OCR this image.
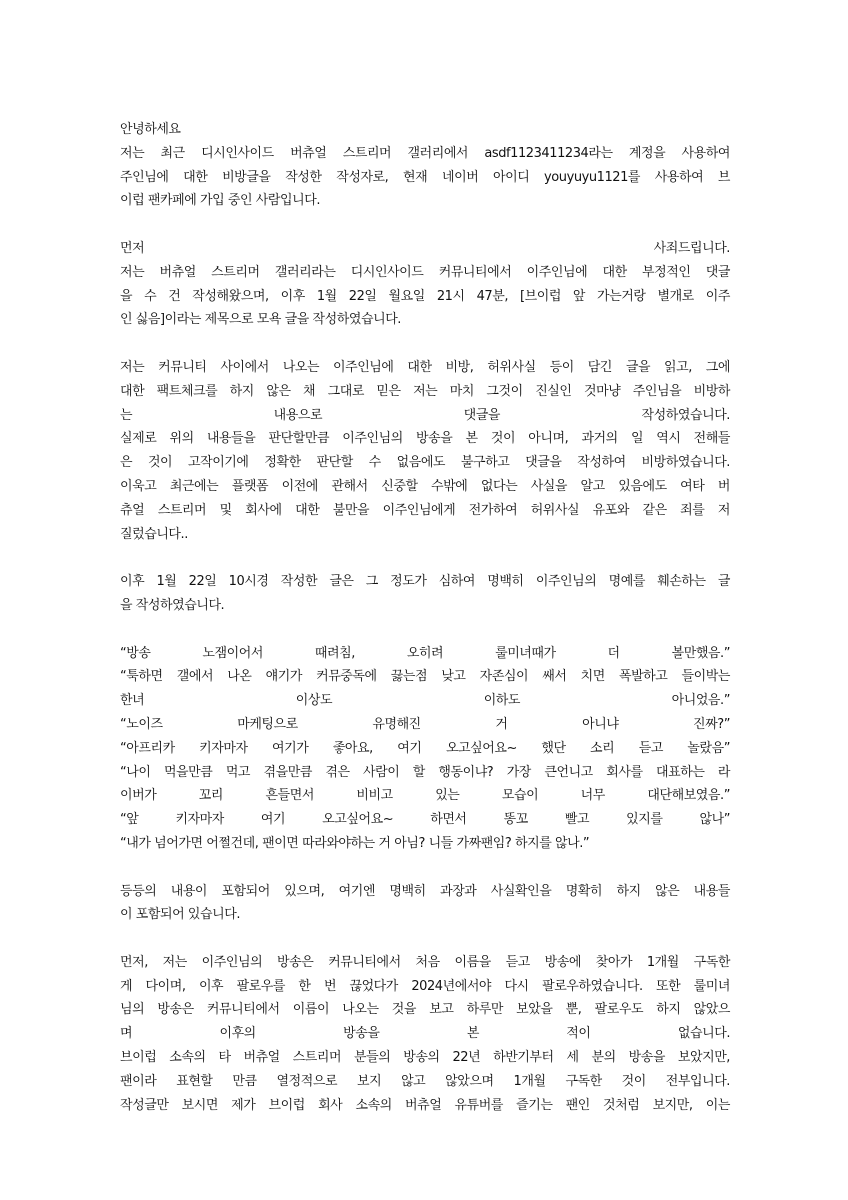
안녕하세요
저는 최근 디시인사이드 버츄얼 스트리머 갤러리에서 asdf1123411234라는 계정을 사용하여
주인님에 대한 비방글을 작성한 작성자로, 현재 네이버 아이디 youyuyu1121를 사용하여 브
이럽 팬카페에 가입 중인 사람입니다.
먼저 사죄드립니다.
저는 버츄얼 스트리머 갤러리라는 디시인사이드 커뮤니티에서 이주인님에 대한 부정적인 댓글
을 수 건 작성해왔으며, 이후 1월 22일 월요일 21시 47분, [브이럽 앞 가는거랑 별개로 이주
인 싫음]이라는 제목으로 모욕 글을 작성하였습니다.
저는 커뮤니티 사이에서 나오는 이주인님에 대한 비방, 허위사실 등이 담긴 글을 읽고, 그에
대한 팩트체크를 하지 않은 채 그대로 믿은 저는 마치 그것이 진실인 것마냥 주인님을 비방하
는 내용으로 댓글을 작성하였습니다.
실제로 위의 내용들을 판단할만큼 이주인님의 방송을 본 것이 아니며, 과거의 일 역시 전해들
은 것이 고작이기에 정확한 판단할 수 없음에도 불구하고 댓글을 작성하여 비방하였습니다.
이욱고 최근에는 플랫폼 이전에 관해서 신중할 수밖에 없다는 사실을 알고 있음에도 여타 버
츄얼 스트리머 및 회사에 대한 불만을 이주인님에게 전가하여 허위사실 유포와 같은 죄를 저
질렀습니다..
이후 1월 22일 10시경 작성한 글은 그 정도가 심하여 명백히 이주인님의 명예를 훼손하는 글
을 작성하였습니다.
“방송 노잼이어서 때려침, 오히려 룰미녀때가 더 볼만했음.”
“툭하면 갤에서 나온 얘기가 커뮤중독에 끓는점 낮고 자존심이 쌔서 치면 폭발하고 들이박는
한녀 이상도 이하도 아니었음.”
“노이즈 마케팅으로 유명해진 거 아니냐 진짜?”
“아프리카 키자마자 여기가 좋아요, 여기 오고싶어요~ 했단 소리 듣고 놀랐음”
“나이 먹을만큼 먹고 겪을만큼 겪은 사람이 할 행동이냐? 가장 큰언니고 회사를 대표하는 라
이버가 꼬리 흔들면서 비비고 있는 모습이 너무 대단해보였음.”
“앞 키자마자 여기 오고싶어요~ 하면서 똥꼬 빨고 있지를 않나”
“내가 넘어가면 어쩔건데, 팬이면 따라와야하는 거 아님? 니들 가짜팬임? 하지를 않나.”
등등의 내용이 포함되어 있으며, 여기엔 명백히 과장과 사실확인을 명확히 하지 않은 내용들
이 포함되어 있습니다.
먼저, 저는 이주인님의 방송은 커뮤니티에서 처음 이름을 듣고 방송에 찾아가 1개월 구독한
게 다이며, 이후 팔로우를 한 번 끊었다가 2024년에서야 다시 팔로우하였습니다. 또한 룰미녀
님의 방송은 커뮤니티에서 이름이 나오는 것을 보고 하루만 보았을 뿐, 팔로우도 하지 않았으
며 이후의 방송을 본 적이 없습니다.
브이럽 소속의 타 버츄얼 스트리머 분들의 방송의 22년 하반기부터 세 분의 방송을 보았지만,
팬이라 표현할 만큼 열정적으로 보지 않고 않았으며 1개월 구독한 것이 전부입니다.
작성글만 보시면 제가 브이럽 회사 소속의 버츄얼 유튜버를 즐기는 팬인 것처럼 보지만, 이는
